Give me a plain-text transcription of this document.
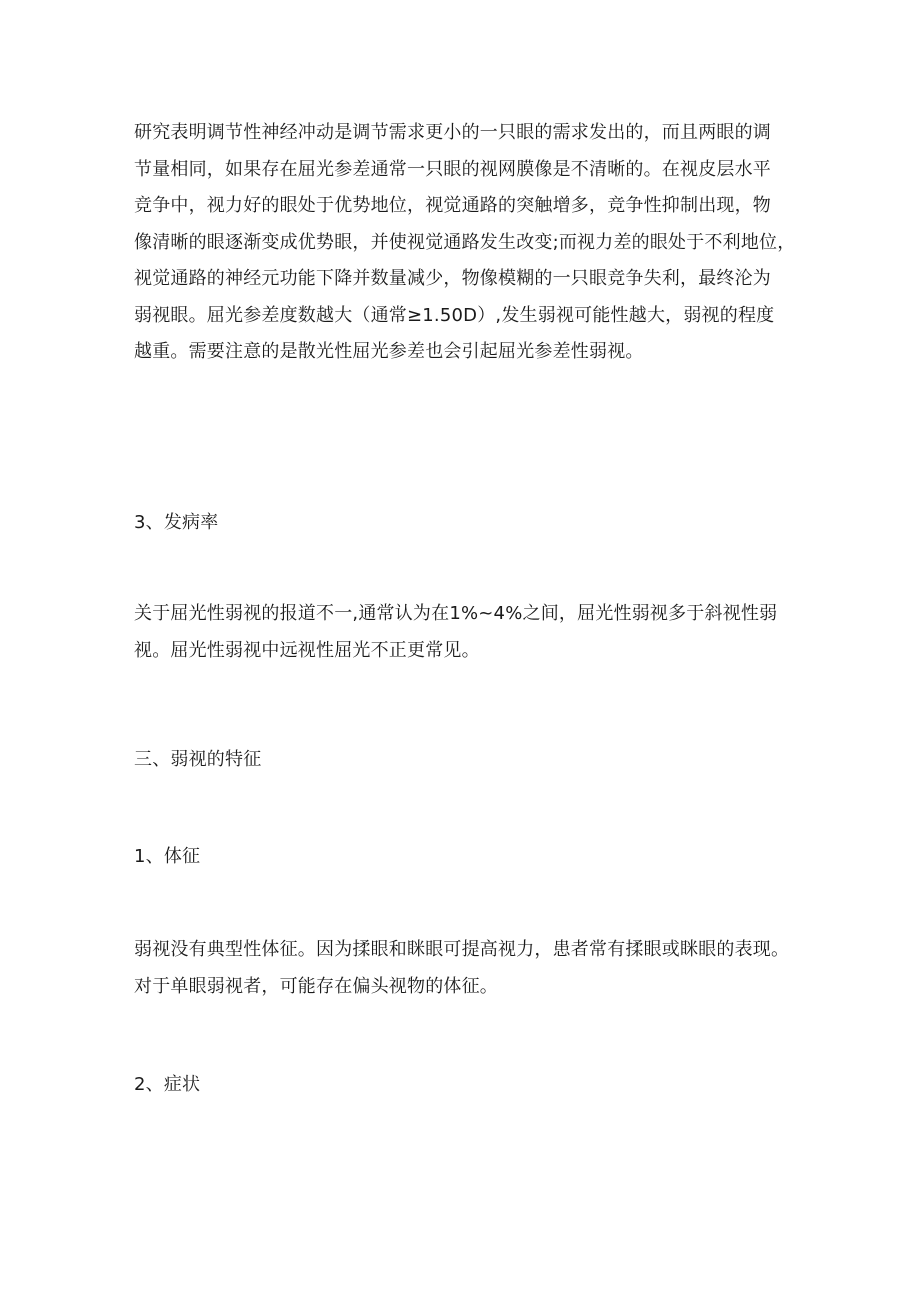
研究表明调节性神经冲动是调节需求更小的一只眼的需求发出的，而且两眼的调
节量相同，如果存在屈光参差通常一只眼的视网膜像是不清晰的。在视皮层水平
竞争中，视力好的眼处于优势地位，视觉通路的突触增多，竞争性抑制出现，物
像清晰的眼逐渐变成优势眼，并使视觉通路发生改变;而视力差的眼处于不利地位，
视觉通路的神经元功能下降并数量减少，物像模糊的一只眼竞争失利，最终沦为
弱视眼。屈光参差度数越大（通常≥1.50D）,发生弱视可能性越大，弱视的程度
越重。需要注意的是散光性屈光参差也会引起屈光参差性弱视。

3、发病率

关于屈光性弱视的报道不一,通常认为在1%~4%之间，屈光性弱视多于斜视性弱
视。屈光性弱视中远视性屈光不正更常见。

三、弱视的特征
1、体征

弱视没有典型性体征。因为揉眼和眯眼可提高视力，患者常有揉眼或眯眼的表现。
对于单眼弱视者，可能存在偏头视物的体征。

2、症状
